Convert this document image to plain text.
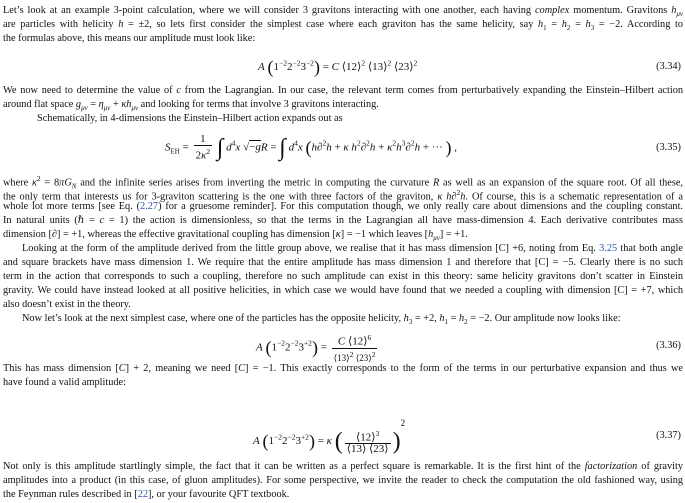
Let’s look at an example 3-point calculation, where we will consider 3 gravitons interacting with one another, each having complex momentum. Gravitons $h_{\mu\nu}$
are particles with helicity h = ±2, so lets first consider the simplest case where each graviton has the same helicity, say $h_1 = h_2 = h_3 = -2$. According to
the formulas above, this means our amplitude must look like:
A $(1^{-2}2^{-2}3^{-2}) = C$ ⟨12⟩$^2$ ⟨13⟩$^2$ ⟨23⟩$^2$	(3.34)
We now need to determine the value of c from the Lagrangian. In our case, the relevant term comes from perturbatively expanding the Einstein–Hilbert action
around flat space $g_{\mu\nu} = \eta_{\mu\nu} + \kappa h_{\mu\nu}$ and looking for terms that involve 3 gravitons interacting.
Schematically, in 4-dimensions the Einstein–Hilbert action expands out as
$S_{EH} = \frac{1}{2\kappa^2}$ ∫ $d^4x$ √−gR = ∫ $d^4x$ (h∂$^2$h + κ $h^2\partial^2h + \kappa^2h^3\partial^2h$ + ··· ) ,	(3.35)
where $\kappa^2 = 8\pi G_N$ and the infinite series arises from inverting the metric in computing the curvature R as well as an expansion of the square root. Of all these,
the only term that interests us for 3-graviton scattering is the one with three factors of the graviton, κ h∂$^2$h. Of course, this is a schematic representation of a
whole lot more terms [see Eq. (2.27) for a gruesome reminder]. For this computation though, we only really care about dimensions and the coupling constant.
In natural units (ℏ = c = 1) the action is dimensionless, so that the terms in the Lagrangian all have mass-dimension 4. Each derivative contributes mass
dimension [∂] = +1, whereas the effective gravitational coupling has dimension [κ] = −1 which leaves $[h_{\mu\nu}] = +1$.
Looking at the form of the amplitude derived from the little group above, we realise that it has mass dimension [C] +6, noting from Eq. 3.25 that both angle
and square brackets have mass dimension 1. We require that the entire amplitude has mass dimension 1 and therefore that [C] = −5. Clearly there is no such
term in the action that corresponds to such a coupling, therefore no such amplitude can exist in this theory: same helicity gravitons don’t scatter in Einstein
gravity. We could have instead looked at all positive helicities, in which case we would have found that we needed a coupling with dimension [C] = +7, which
also doesn’t exist in the theory.
Now let’s look at the next simplest case, where one of the particles has the opposite helicity, $h_3 = +2$, $h_1 = h_2 = -2$. Our amplitude now looks like:
A $(1^{-2}2^{-2}3^{+2}) = \frac{C ⟨12⟩^6}{⟨13⟩^2 ⟨23⟩^2}$	(3.36)
This has mass dimension [C] + 2, meaning we need [C] = −1. This exactly corresponds to the form of the terms in our perturbative expansion and thus we
have found a valid amplitude:
A $(1^{-2}2^{-2}3^{+2}) = \kappa$ ( $\frac{⟨12⟩^3}{⟨13⟩ ⟨23⟩} )^2$
(3.37)
Not only is this amplitude startlingly simple, the fact that it can be written as a perfect square is remarkable. It is the first hint of the factorization of gravity
amplitudes into a product (in this case, of gluon amplitudes). For some perspective, we invite the reader to check the computation the old fashioned way, using
the Feynman rules described in [22], or your favourite QFT textbook.
